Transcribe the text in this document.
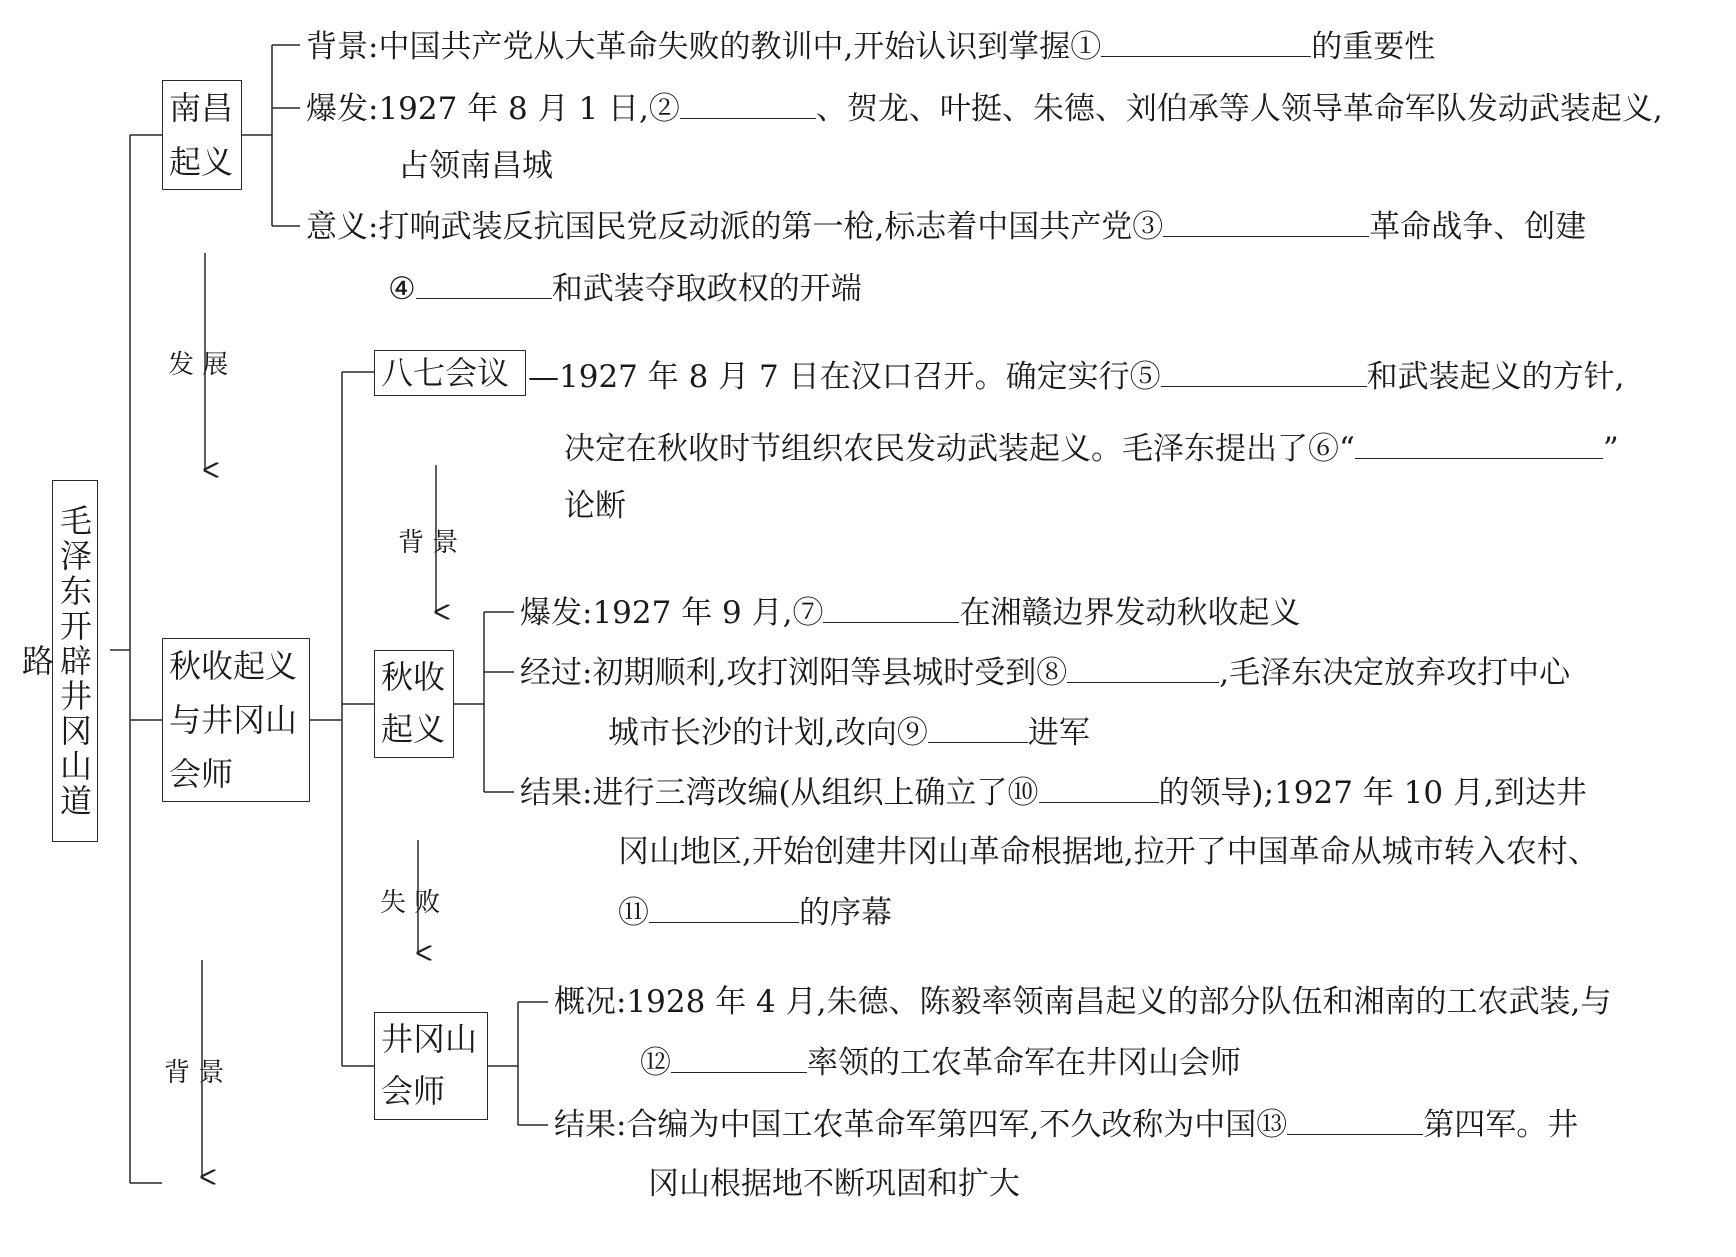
毛泽东开辟井冈山道路
南昌起义
秋收起义与井冈山会师
八七会议
秋收起义
井冈山会师
发 展
背 景
失 败
背 景
背景:中国共产党从大革命失败的教训中,开始认识到掌握①	的重要性
爆发:1927 年 8 月 1 日,②	、贺龙、叶挺、朱德、刘伯承等人领导革命军队发动武装起义,
占领南昌城
意义:打响武装反抗国民党反动派的第一枪,标志着中国共产党③	革命战争、创建
④	和武装夺取政权的开端
—1927 年 8 月 7 日在汉口召开。确定实行⑤	和武装起义的方针,
决定在秋收时节组织农民发动武装起义。毛泽东提出了⑥“	”
论断
爆发:1927 年 9 月,⑦	在湘赣边界发动秋收起义
经过:初期顺利,攻打浏阳等县城时受到⑧	,毛泽东决定放弃攻打中心
城市长沙的计划,改向⑨	进军
结果:进行三湾改编(从组织上确立了⑩	的领导);1927 年 10 月,到达井
冈山地区,开始创建井冈山革命根据地,拉开了中国革命从城市转入农村、
⑪	的序幕
概况:1928 年 4 月,朱德、陈毅率领南昌起义的部分队伍和湘南的工农武装,与
⑫	率领的工农革命军在井冈山会师
结果:合编为中国工农革命军第四军,不久改称为中国⑬	第四军。井
冈山根据地不断巩固和扩大
